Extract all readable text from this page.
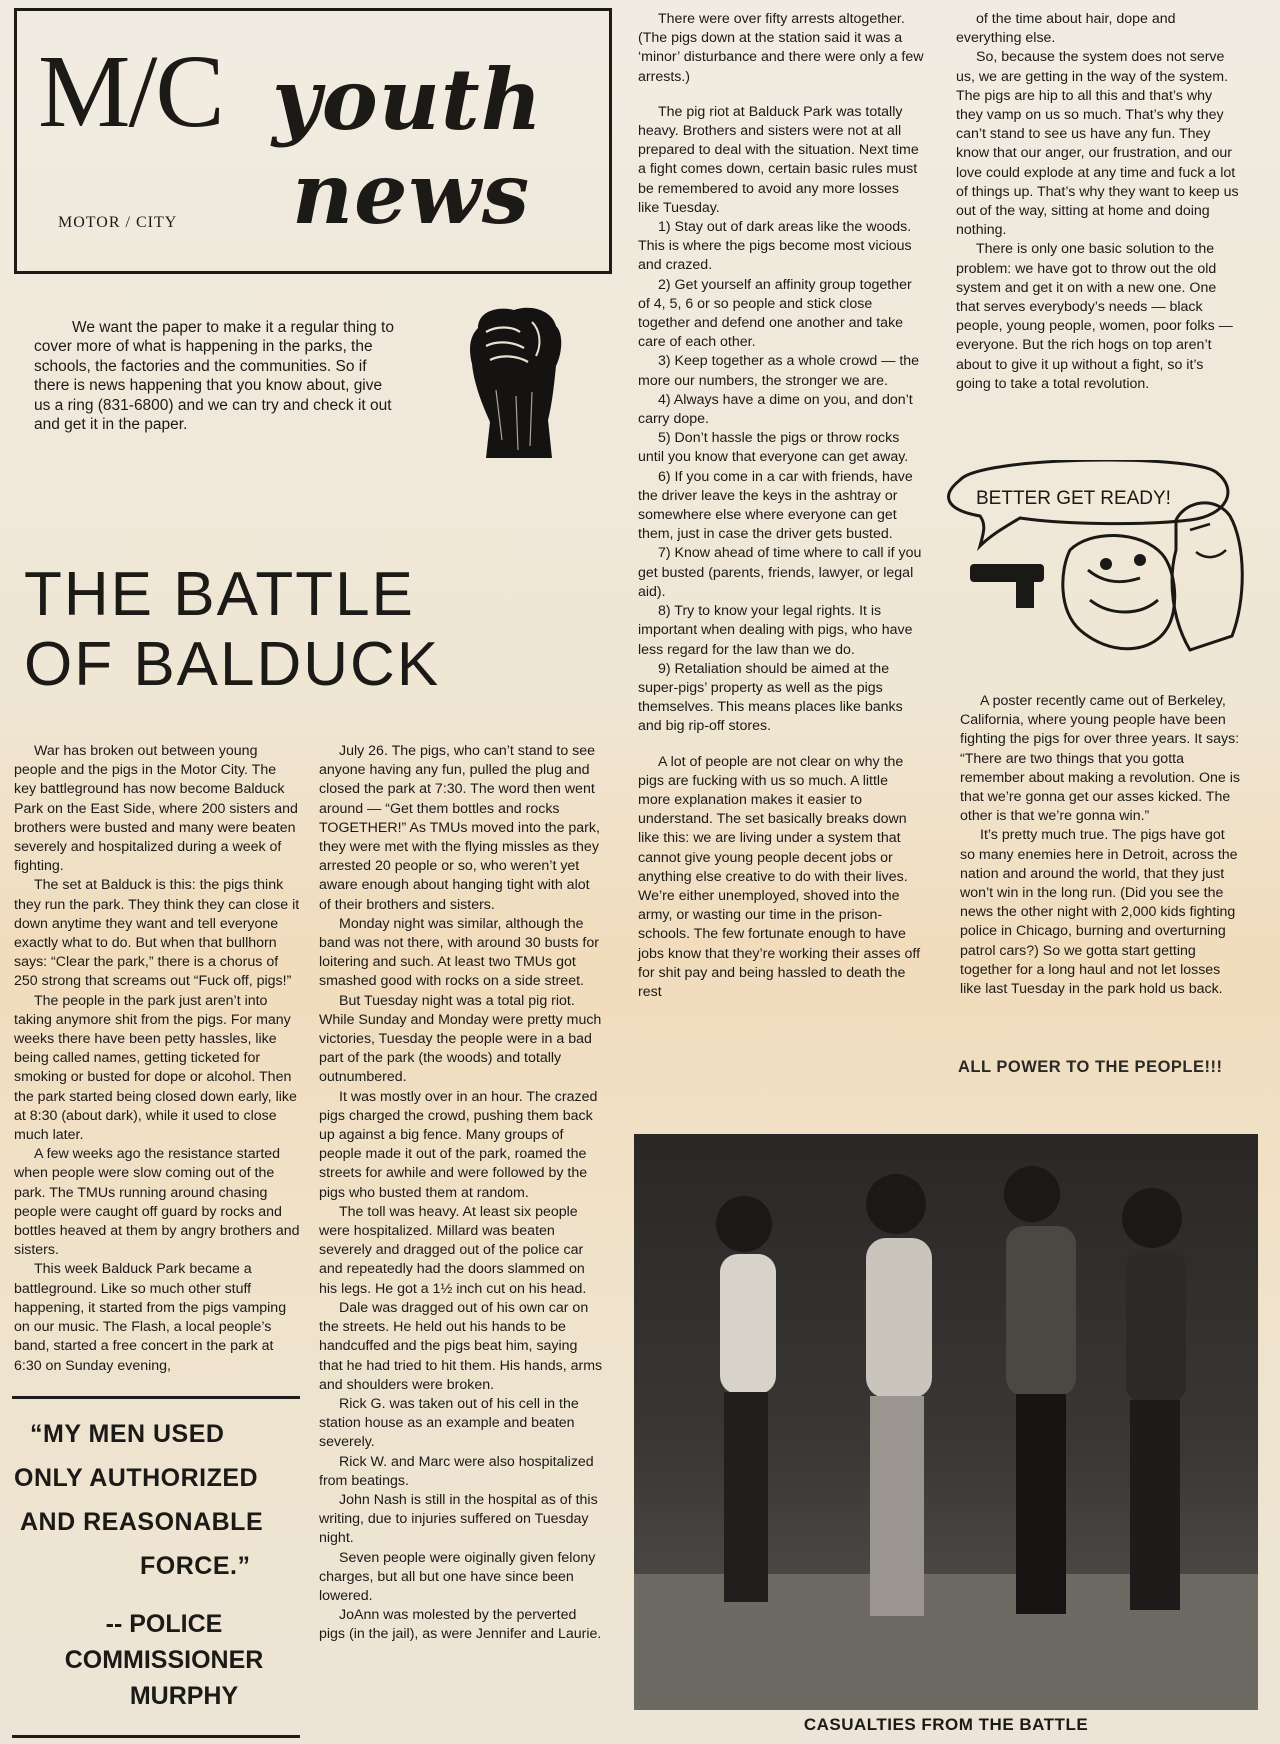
M/C youth
news
MOTOR / CITY

We want the paper to make it a regular thing to cover more of what is happening in the parks, the schools, the factories and the communities. So if there is news happening that you know about, give us a ring (831-6800) and we can try and check it out and get it in the paper.

THE BATTLE
OF BALDUCK

War has broken out between young people and the pigs in the Motor City. The key battleground has now become Balduck Park on the East Side, where 200 sisters and brothers were busted and many were beaten severely and hospitalized during a week of fighting.

The set at Balduck is this: the pigs think they run the park. They think they can close it down anytime they want and tell everyone exactly what to do. But when that bullhorn says: “Clear the park,” there is a chorus of 250 strong that screams out “Fuck off, pigs!”

The people in the park just aren’t into taking anymore shit from the pigs. For many weeks there have been petty hassles, like being called names, getting ticketed for smoking or busted for dope or alcohol. Then the park started being closed down early, like at 8:30 (about dark), while it used to close much later.

A few weeks ago the resistance started when people were slow coming out of the park. The TMUs running around chasing people were caught off guard by rocks and bottles heaved at them by angry brothers and sisters.

This week Balduck Park became a battleground. Like so much other stuff happening, it started from the pigs vamping on our music. The Flash, a local people’s band, started a free concert in the park at 6:30 on Sunday evening,

July 26. The pigs, who can’t stand to see anyone having any fun, pulled the plug and closed the park at 7:30. The word then went around — “Get them bottles and rocks TOGETHER!” As TMUs moved into the park, they were met with the flying missles as they arrested 20 people or so, who weren’t yet aware enough about hanging tight with alot of their brothers and sisters.

Monday night was similar, although the band was not there, with around 30 busts for loitering and such. At least two TMUs got smashed good with rocks on a side street.

But Tuesday night was a total pig riot. While Sunday and Monday were pretty much victories, Tuesday the people were in a bad part of the park (the woods) and totally outnumbered.

It was mostly over in an hour. The crazed pigs charged the crowd, pushing them back up against a big fence. Many groups of people made it out of the park, roamed the streets for awhile and were followed by the pigs who busted them at random.

The toll was heavy. At least six people were hospitalized. Millard was beaten severely and dragged out of the police car and repeatedly had the doors slammed on his legs. He got a 1½ inch cut on his head.

Dale was dragged out of his own car on the streets. He held out his hands to be handcuffed and the pigs beat him, saying that he had tried to hit them. His hands, arms and shoulders were broken.

Rick G. was taken out of his cell in the station house as an example and beaten severely.

Rick W. and Marc were also hospitalized from beatings.

John Nash is still in the hospital as of this writing, due to injuries suffered on Tuesday night.

Seven people were oiginally given felony charges, but all but one have since been lowered.

JoAnn was molested by the perverted pigs (in the jail), as were Jennifer and Laurie.

There were over fifty arrests altogether. (The pigs down at the station said it was a ‘minor’ disturbance and there were only a few arrests.)

The pig riot at Balduck Park was totally heavy. Brothers and sisters were not at all prepared to deal with the situation. Next time a fight comes down, certain basic rules must be remembered to avoid any more losses like Tuesday.

1) Stay out of dark areas like the woods. This is where the pigs become most vicious and crazed.

2) Get yourself an affinity group together of 4, 5, 6 or so people and stick close together and defend one another and take care of each other.

3) Keep together as a whole crowd — the more our numbers, the stronger we are.

4) Always have a dime on you, and don’t carry dope.

5) Don’t hassle the pigs or throw rocks until you know that everyone can get away.

6) If you come in a car with friends, have the driver leave the keys in the ashtray or somewhere else where everyone can get them, just in case the driver gets busted.

7) Know ahead of time where to call if you get busted (parents, friends, lawyer, or legal aid).

8) Try to know your legal rights. It is important when dealing with pigs, who have less regard for the law than we do.

9) Retaliation should be aimed at the super-pigs’ property as well as the pigs themselves. This means places like banks and big rip-off stores.

A lot of people are not clear on why the pigs are fucking with us so much. A little more explanation makes it easier to understand. The set basically breaks down like this: we are living under a system that cannot give young people decent jobs or anything else creative to do with their lives. We’re either unemployed, shoved into the army, or wasting our time in the prison-schools. The few fortunate enough to have jobs know that they’re working their asses off for shit pay and being hassled to death the rest

of the time about hair, dope and everything else.

So, because the system does not serve us, we are getting in the way of the system. The pigs are hip to all this and that’s why they vamp on us so much. That’s why they can’t stand to see us have any fun. They know that our anger, our frustration, and our love could explode at any time and fuck a lot of things up. That’s why they want to keep us out of the way, sitting at home and doing nothing.

There is only one basic solution to the problem: we have got to throw out the old system and get it on with a new one. One that serves everybody’s needs — black people, young people, women, poor folks — everyone. But the rich hogs on top aren’t about to give it up without a fight, so it’s going to take a total revolution.

BETTER GET READY!

A poster recently came out of Berkeley, California, where young people have been fighting the pigs for over three years. It says: “There are two things that you gotta remember about making a revolution. One is that we’re gonna get our asses kicked. The other is that we’re gonna win.”

It’s pretty much true. The pigs have got so many enemies here in Detroit, across the nation and around the world, that they just won’t win in the long run. (Did you see the news the other night with 2,000 kids fighting police in Chicago, burning and overturning patrol cars?) So we gotta start getting together for a long haul and not let losses like last Tuesday in the park hold us back.

ALL POWER TO THE PEOPLE!!!
“MY MEN USED
ONLY AUTHORIZED
AND REASONABLE
FORCE.”
-- POLICE
COMMISSIONER
MURPHY
CASUALTIES FROM THE BATTLE
